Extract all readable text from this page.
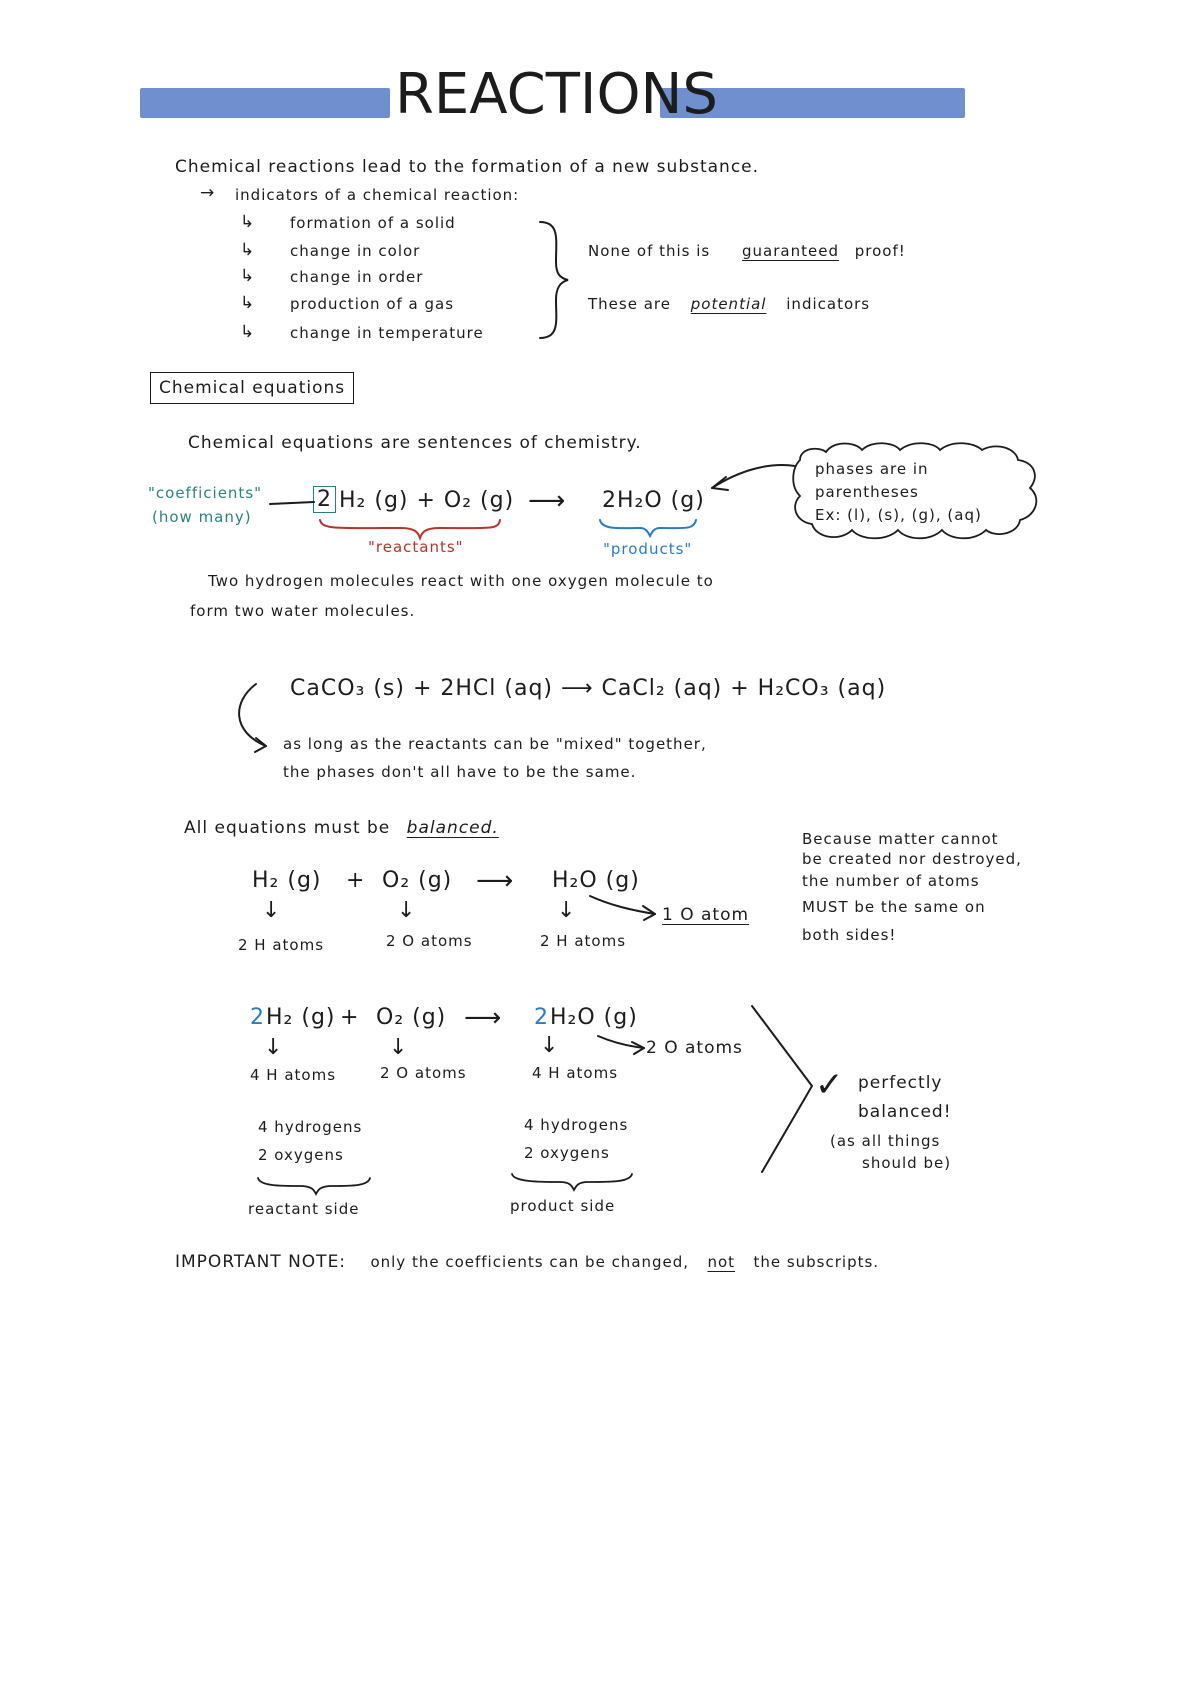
REACTIONS
Chemical reactions lead to the formation of a new substance.
→ indicators of a chemical reaction:
↳ formation of a solid
↳ change in color
↳ change in order
↳ production of a gas
↳ change in temperature
None of this is guaranteed proof!
These are potential indicators
Chemical equations
Chemical equations are sentences of chemistry.
"coefficients"
(how many)
2 H₂ (g) + O₂ (g) ⟶ 2H₂O (g)
"reactants"	"products"
phases are in
parentheses
Ex: (l), (s), (g), (aq)
Two hydrogen molecules react with one oxygen molecule to
form two water molecules.
CaCO₃ (s) + 2HCl (aq) ⟶ CaCl₂ (aq) + H₂CO₃ (aq)
as long as the reactants can be "mixed" together,
the phases don't all have to be the same.
All equations must be balanced.
Because matter cannot
be created nor destroyed,
the number of atoms
MUST be the same on
both sides!
H₂ (g) + O₂ (g) ⟶ H₂O (g)
↓	↓	↓
2 H atoms	2 O atoms	2 H atoms
1 O atom
2 H₂ (g) + O₂ (g) ⟶ 2 H₂O (g)
↓	↓	↓
4 H atoms	2 O atoms	4 H atoms
2 O atoms
4 hydrogens
2 oxygens
reactant side
4 hydrogens
2 oxygens
product side
✓ perfectly
balanced!
(as all things
should be)
IMPORTANT NOTE: only the coefficients can be changed, not the subscripts.
